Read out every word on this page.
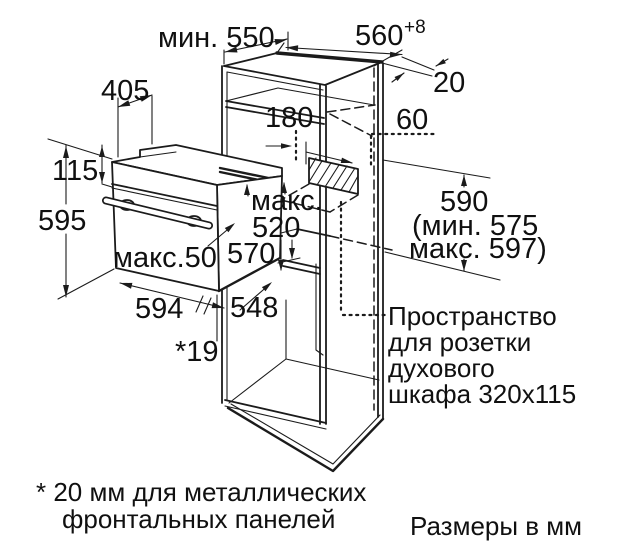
мин. 550	560 +8
20
405
180	60
115
595
макс.
520
570
590
(мин. 575
макс. 597)
макс.50
594 548
*19
Пространство
для розетки
духового
шкафа 320x115
* 20 мм для металлических
фронтальных панелей	Размеры в мм
